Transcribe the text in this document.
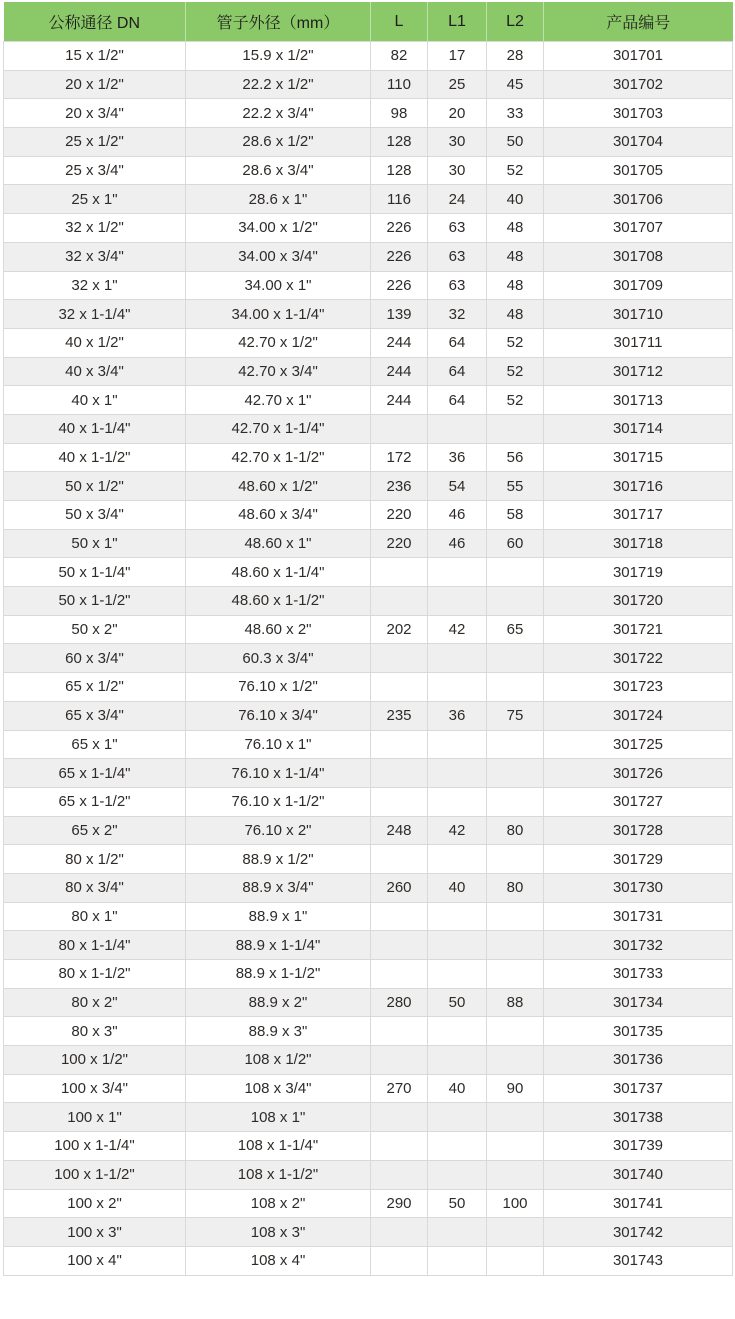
公称通径 DN	管子外径（mm）	L	L1	L2	产品编号
15 x 1/2"	15.9 x 1/2"	82	17	28	301701
20 x 1/2"	22.2 x 1/2"	110	25	45	301702
20 x 3/4"	22.2 x 3/4"	98	20	33	301703
25 x 1/2"	28.6 x 1/2"	128	30	50	301704
25 x 3/4"	28.6 x 3/4"	128	30	52	301705
25 x 1"	28.6 x 1"	116	24	40	301706
32 x 1/2"	34.00 x 1/2"	226	63	48	301707
32 x 3/4"	34.00 x 3/4"	226	63	48	301708
32 x 1"	34.00 x 1"	226	63	48	301709
32 x 1-1/4"	34.00 x 1-1/4"	139	32	48	301710
40 x 1/2"	42.70 x 1/2"	244	64	52	301711
40 x 3/4"	42.70 x 3/4"	244	64	52	301712
40 x 1"	42.70 x 1"	244	64	52	301713
40 x 1-1/4"	42.70 x 1-1/4"				301714
40 x 1-1/2"	42.70 x 1-1/2"	172	36	56	301715
50 x 1/2"	48.60 x 1/2"	236	54	55	301716
50 x 3/4"	48.60 x 3/4"	220	46	58	301717
50 x 1"	48.60 x 1"	220	46	60	301718
50 x 1-1/4"	48.60 x 1-1/4"				301719
50 x 1-1/2"	48.60 x 1-1/2"				301720
50 x 2"	48.60 x 2"	202	42	65	301721
60 x 3/4"	60.3 x 3/4"				301722
65 x 1/2"	76.10 x 1/2"				301723
65 x 3/4"	76.10 x 3/4"	235	36	75	301724
65 x 1"	76.10 x 1"				301725
65 x 1-1/4"	76.10 x 1-1/4"				301726
65 x 1-1/2"	76.10 x 1-1/2"				301727
65 x 2"	76.10 x 2"	248	42	80	301728
80 x 1/2"	88.9 x 1/2"				301729
80 x 3/4"	88.9 x 3/4"	260	40	80	301730
80 x 1"	88.9 x 1"				301731
80 x 1-1/4"	88.9 x 1-1/4"				301732
80 x 1-1/2"	88.9 x 1-1/2"				301733
80 x 2"	88.9 x 2"	280	50	88	301734
80 x 3"	88.9 x 3"				301735
100 x 1/2"	108 x 1/2"				301736
100 x 3/4"	108 x 3/4"	270	40	90	301737
100 x 1"	108 x 1"				301738
100 x 1-1/4"	108 x 1-1/4"				301739
100 x 1-1/2"	108 x 1-1/2"				301740
100 x 2"	108 x 2"	290	50	100	301741
100 x 3"	108 x 3"				301742
100 x 4"	108 x 4"				301743
